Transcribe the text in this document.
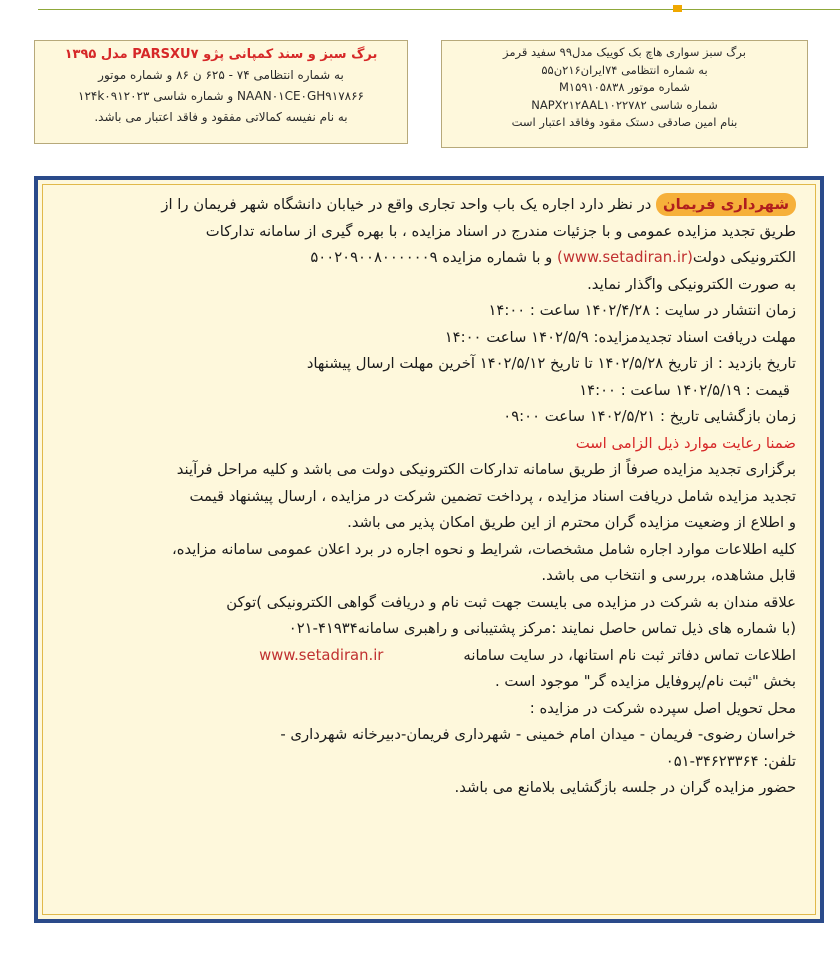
برگ سبز و سند کمپانی پژو PARSXU۷ مدل ۱۳۹۵
به شماره انتظامی ۷۴ - ۶۲۵ ن ۸۶ و شماره موتور
NAAN۰۱CE۰GH۹۱۷۸۶۶ و شماره شاسی ۱۲۴k۰۹۱۲۰۲۳
به نام نفیسه کمالاتی مفقود و فاقد اعتبار می باشد.
برگ سبز سواری هاچ بک کوییک مدل۹۹ سفید قرمز
به شماره انتظامی ۷۴ایران۲۱۶ن۵۵
شماره موتور M۱۵۹۱۰۵۸۳۸
شماره شاسی NAPX۲۱۲AAL۱۰۲۲۷۸۲
بنام امین صادقی دستک مقود وفاقد اعتبار است
شهرداری فریمان در نظر دارد اجاره یک باب واحد تجاری واقع در خیابان دانشگاه شهر فریمان را از
طریق تجدید مزایده عمومی و با جزئیات مندرج در اسناد مزایده ، با بهره گیری از سامانه تدارکات
الکترونیکی دولت(www.setadiran.ir) و با شماره مزایده ۵۰۰۲۰۹۰۰۸۰۰۰۰۰۰۹
به صورت الکترونیکی واگذار نماید.
زمان انتشار در سایت : ۱۴۰۲/۴/۲۸ ساعت : ۱۴:۰۰
مهلت دریافت اسناد تجدیدمزایده: ۱۴۰۲/۵/۹ ساعت ۱۴:۰۰
تاریخ بازدید : از تاریخ ۱۴۰۲/۵/۲۸ تا تاریخ ۱۴۰۲/۵/۱۲ آخرین مهلت ارسال پیشنهاد
قیمت : ۱۴۰۲/۵/۱۹ ساعت : ۱۴:۰۰
زمان بازگشایی تاریخ : ۱۴۰۲/۵/۲۱ ساعت ۰۹:۰۰
ضمنا رعایت موارد ذیل الزامی است
برگزاری تجدید مزایده صرفاً از طریق سامانه تدارکات الکترونیکی دولت می باشد و کلیه مراحل فرآیند
تجدید مزایده شامل دریافت اسناد مزایده ، پرداخت تضمین شرکت در مزایده ، ارسال پیشنهاد قیمت
و اطلاع از وضعیت مزایده گران محترم از این طریق امکان پذیر می باشد.
کلیه اطلاعات موارد اجاره شامل مشخصات، شرایط و نحوه اجاره در برد اعلان عمومی سامانه مزایده،
قابل مشاهده، بررسی و انتخاب می باشد.
علاقه مندان به شرکت در مزایده می بایست جهت ثبت نام و دریافت گواهی الکترونیکی )توکن
(با شماره های ذیل تماس حاصل نمایند :مرکز پشتیبانی و راهبری سامانه۴۱۹۳۴-۰۲۱
اطلاعات تماس دفاتر ثبت نام استانها، در سایت سامانهwww.setadiran.ir
بخش "ثبت نام/پروفایل مزایده گر" موجود است .
محل تحویل اصل سپرده شرکت در مزایده :
خراسان رضوی- فریمان - میدان امام خمینی - شهرداری فریمان-دبیرخانه شهرداری -
تلفن: ۳۴۶۲۳۳۶۴-۰۵۱
حضور مزایده گران در جلسه بازگشایی بلامانع می باشد.
